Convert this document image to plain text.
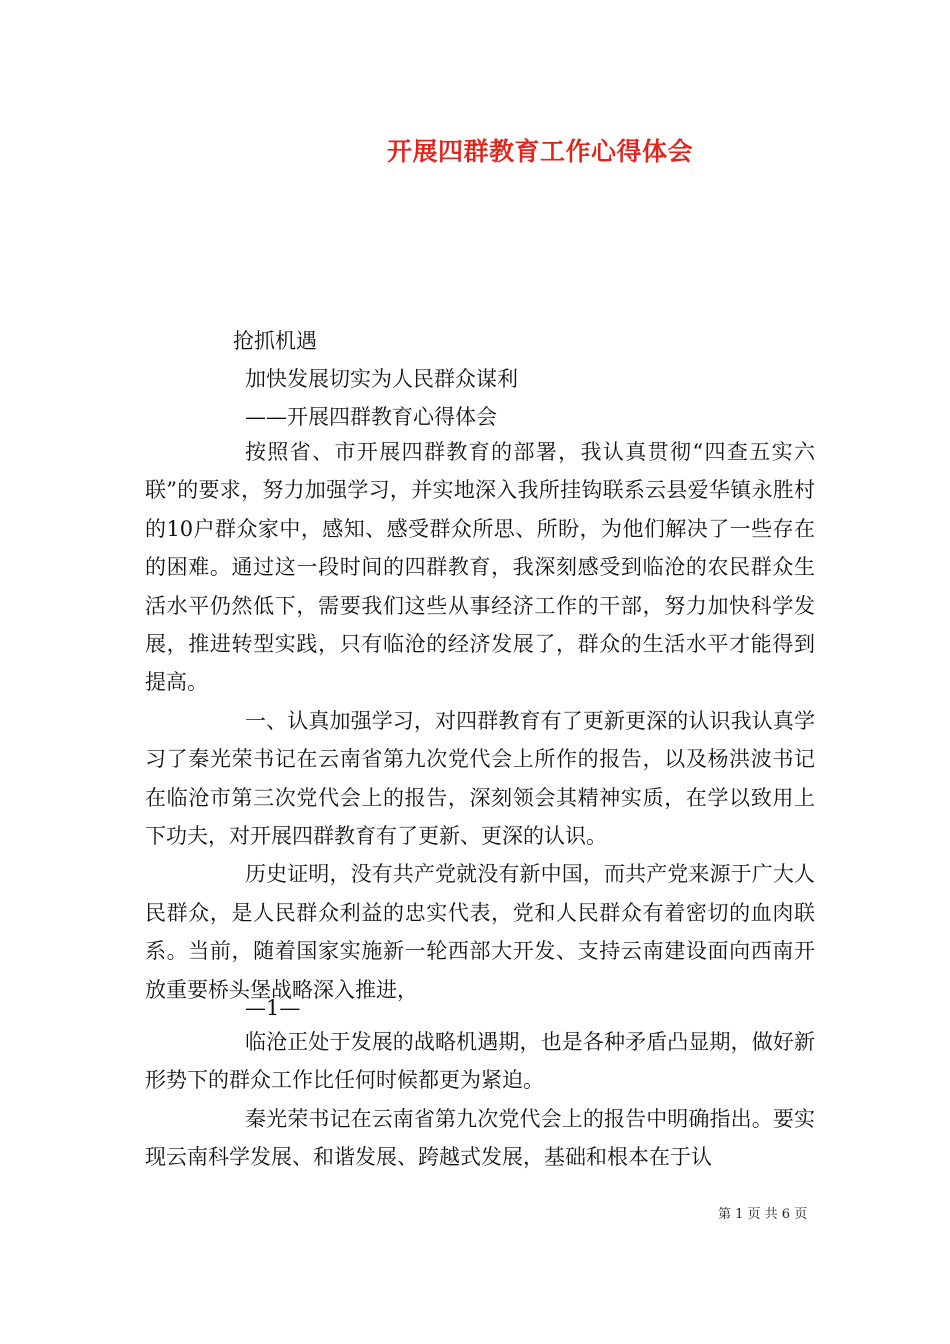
开展四群教育工作心得体会
抢抓机遇
加快发展切实为人民群众谋利
——开展四群教育心得体会

按照省、市开展四群教育的部署，我认真贯彻“四查五实六联”的要求，努力加强学习，并实地深入我所挂钩联系云县爱华镇永胜村的10户群众家中，感知、感受群众所思、所盼，为他们解决了一些存在的困难。通过这一段时间的四群教育，我深刻感受到临沧的农民群众生活水平仍然低下，需要我们这些从事经济工作的干部，努力加快科学发展，推进转型实践，只有临沧的经济发展了，群众的生活水平才能得到提高。

一、认真加强学习，对四群教育有了更新更深的认识我认真学习了秦光荣书记在云南省第九次党代会上所作的报告，以及杨洪波书记在临沧市第三次党代会上的报告，深刻领会其精神实质，在学以致用上下功夫，对开展四群教育有了更新、更深的认识。

历史证明，没有共产党就没有新中国，而共产党来源于广大人民群众，是人民群众利益的忠实代表，党和人民群众有着密切的血肉联系。当前，随着国家实施新一轮西部大开发、支持云南建设面向西南开放重要桥头堡战略深入推进，

—1—

临沧正处于发展的战略机遇期，也是各种矛盾凸显期，做好新形势下的群众工作比任何时候都更为紧迫。

秦光荣书记在云南省第九次党代会上的报告中明确指出。要实现云南科学发展、和谐发展、跨越式发展，基础和根本在于认

第 1 页 共 6 页
